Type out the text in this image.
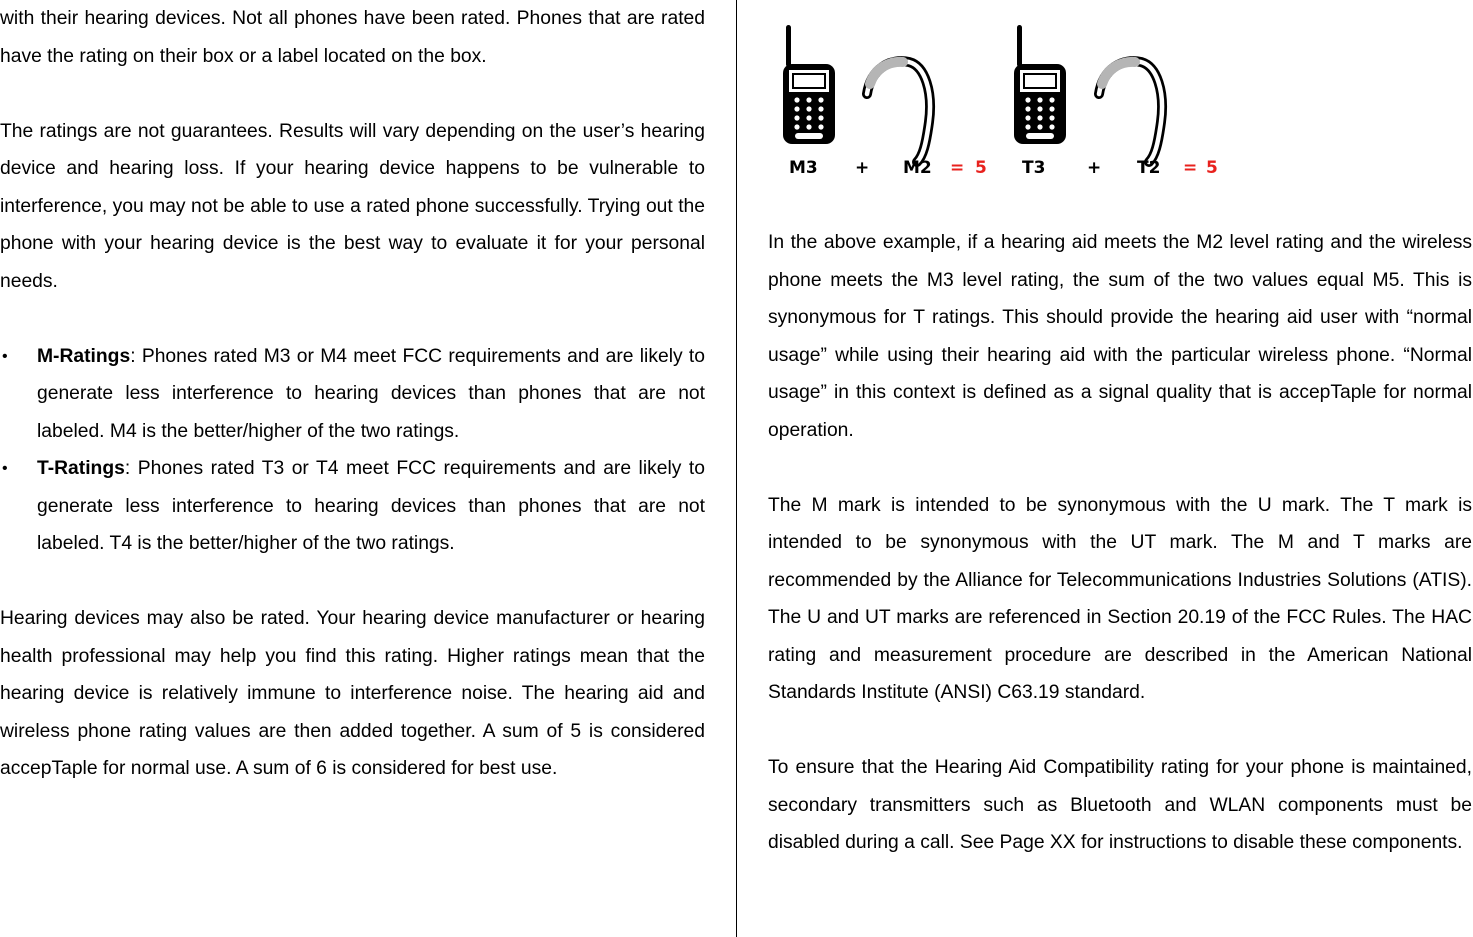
with their hearing devices. Not all phones have been rated. Phones that are rated have the rating on their box or a label located on the box.

The ratings are not guarantees. Results will vary depending on the user’s hearing device and hearing loss. If your hearing device happens to be vulnerable to interference, you may not be able to use a rated phone successfully. Trying out the phone with your hearing device is the best way to evaluate it for your personal needs.

• M-Ratings: Phones rated M3 or M4 meet FCC requirements and are likely to generate less interference to hearing devices than phones that are not labeled. M4 is the better/higher of the two ratings.
• T-Ratings: Phones rated T3 or T4 meet FCC requirements and are likely to generate less interference to hearing devices than phones that are not labeled. T4 is the better/higher of the two ratings.

Hearing devices may also be rated. Your hearing device manufacturer or hearing health professional may help you find this rating. Higher ratings mean that the hearing device is relatively immune to interference noise. The hearing aid and wireless phone rating values are then added together. A sum of 5 is considered accepTaple for normal use. A sum of 6 is considered for best use.

M3 + M2 = 5 T3 + T2 = 5

In the above example, if a hearing aid meets the M2 level rating and the wireless phone meets the M3 level rating, the sum of the two values equal M5. This is synonymous for T ratings. This should provide the hearing aid user with “normal usage” while using their hearing aid with the particular wireless phone. “Normal usage” in this context is defined as a signal quality that is accepTaple for normal operation.

The M mark is intended to be synonymous with the U mark. The T mark is intended to be synonymous with the UT mark. The M and T marks are recommended by the Alliance for Telecommunications Industries Solutions (ATIS). The U and UT marks are referenced in Section 20.19 of the FCC Rules. The HAC rating and measurement procedure are described in the American National Standards Institute (ANSI) C63.19 standard.

To ensure that the Hearing Aid Compatibility rating for your phone is maintained, secondary transmitters such as Bluetooth and WLAN components must be disabled during a call. See Page XX for instructions to disable these components.
